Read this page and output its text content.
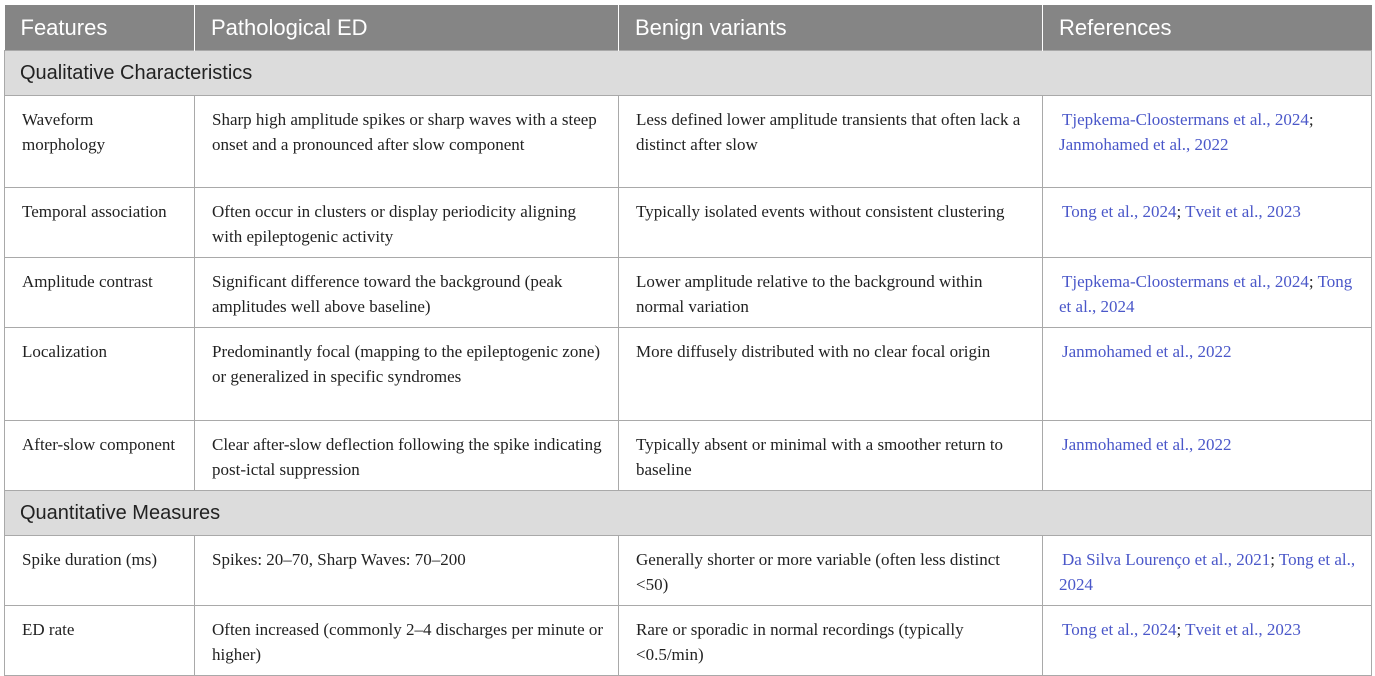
Features	Pathological ED	Benign variants	References
Qualitative Characteristics			
Waveform morphology	Sharp high amplitude spikes or sharp waves with a steep onset and a pronounced after slow component	Less defined lower amplitude transients that often lack a distinct after slow	Tjepkema-Cloostermans et al., 2024; Janmohamed et al., 2022
Temporal association	Often occur in clusters or display periodicity aligning with epileptogenic activity	Typically isolated events without consistent clustering	Tong et al., 2024; Tveit et al., 2023
Amplitude contrast	Significant difference toward the background (peak amplitudes well above baseline)	Lower amplitude relative to the background within normal variation	Tjepkema-Cloostermans et al., 2024; Tong et al., 2024
Localization	Predominantly focal (mapping to the epileptogenic zone) or generalized in specific syndromes	More diffusely distributed with no clear focal origin	Janmohamed et al., 2022
After-slow component	Clear after-slow deflection following the spike indicating post-ictal suppression	Typically absent or minimal with a smoother return to baseline	Janmohamed et al., 2022
Quantitative Measures			
Spike duration (ms)	Spikes: 20–70, Sharp Waves: 70–200	Generally shorter or more variable (often less distinct <50)	Da Silva Lourenço et al., 2021; Tong et al., 2024
ED rate	Often increased (commonly 2–4 discharges per minute or higher)	Rare or sporadic in normal recordings (typically <0.5/min)	Tong et al., 2024; Tveit et al., 2023
